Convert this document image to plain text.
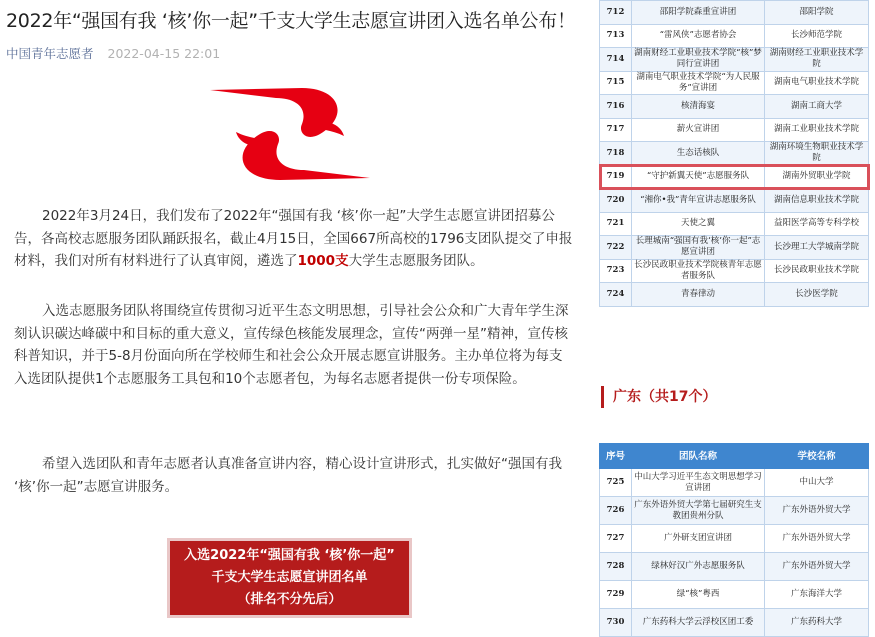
2022年“强国有我 ‘核’你一起”千支大学生志愿宣讲团入选名单公布！
中国青年志愿者 2022-04-15 22:01
2022年3月24日，我们发布了2022年“强国有我 ‘核’你一起”大学生志愿宣讲团招募公告，各高校志愿服务团队踊跃报名，截止4月15日，全国667所高校的1796支团队提交了申报材料，我们对所有材料进行了认真审阅，遴选了1000支大学生志愿服务团队。
入选志愿服务团队将围绕宣传贯彻习近平生态文明思想，引导社会公众和广大青年学生深刻认识碳达峰碳中和目标的重大意义，宣传绿色核能发展理念，宣传“两弹一星”精神，宣传核科普知识，并于5-8月份面向所在学校师生和社会公众开展志愿宣讲服务。主办单位将为每支入选团队提供1个志愿服务工具包和10个志愿者包，为每名志愿者提供一份专项保险。
希望入选团队和青年志愿者认真准备宣讲内容，精心设计宣讲形式，扎实做好“强国有我 ‘核’你一起”志愿宣讲服务。
入选2022年“强国有我 ‘核’你一起”
千支大学生志愿宣讲团名单
（排名不分先后）
712	邵阳学院森重宣讲团	邵阳学院
713	“雷风侠”志愿者协会	长沙师范学院
714	湖南财经工业职业技术学院“核”梦同行宣讲团	湖南财经工业职业技术学院
715	湖南电气职业技术学院“为人民服务”宣讲团	湖南电气职业技术学院
716	核清海宴	湖南工商大学
717	薪火宣讲团	湖南工业职业技术学院
718	生态话核队	湖南环境生物职业技术学院
719	“守护新翼天使”志愿服务队	湖南外贸职业学院
720	“湘你•我”青年宣讲志愿服务队	湖南信息职业技术学院
721	天使之翼	益阳医学高等专科学校
722	长理城南“强国有我‘核’你一起”志愿宣讲团	长沙理工大学城南学院
723	长沙民政职业技术学院核青年志愿者服务队	长沙民政职业技术学院
724	青春律动	长沙医学院
序号	团队名称	学校名称
725	中山大学习近平生态文明思想学习宣讲团	中山大学
726	广东外语外贸大学第七届研究生支教团贵州分队	广东外语外贸大学
727	广外研支团宣讲团	广东外语外贸大学
728	绿林好汉广外志愿服务队	广东外语外贸大学
729	绿“核”粤西	广东海洋大学
730	广东药科大学云浮校区团工委	广东药科大学
广东（共17个）
